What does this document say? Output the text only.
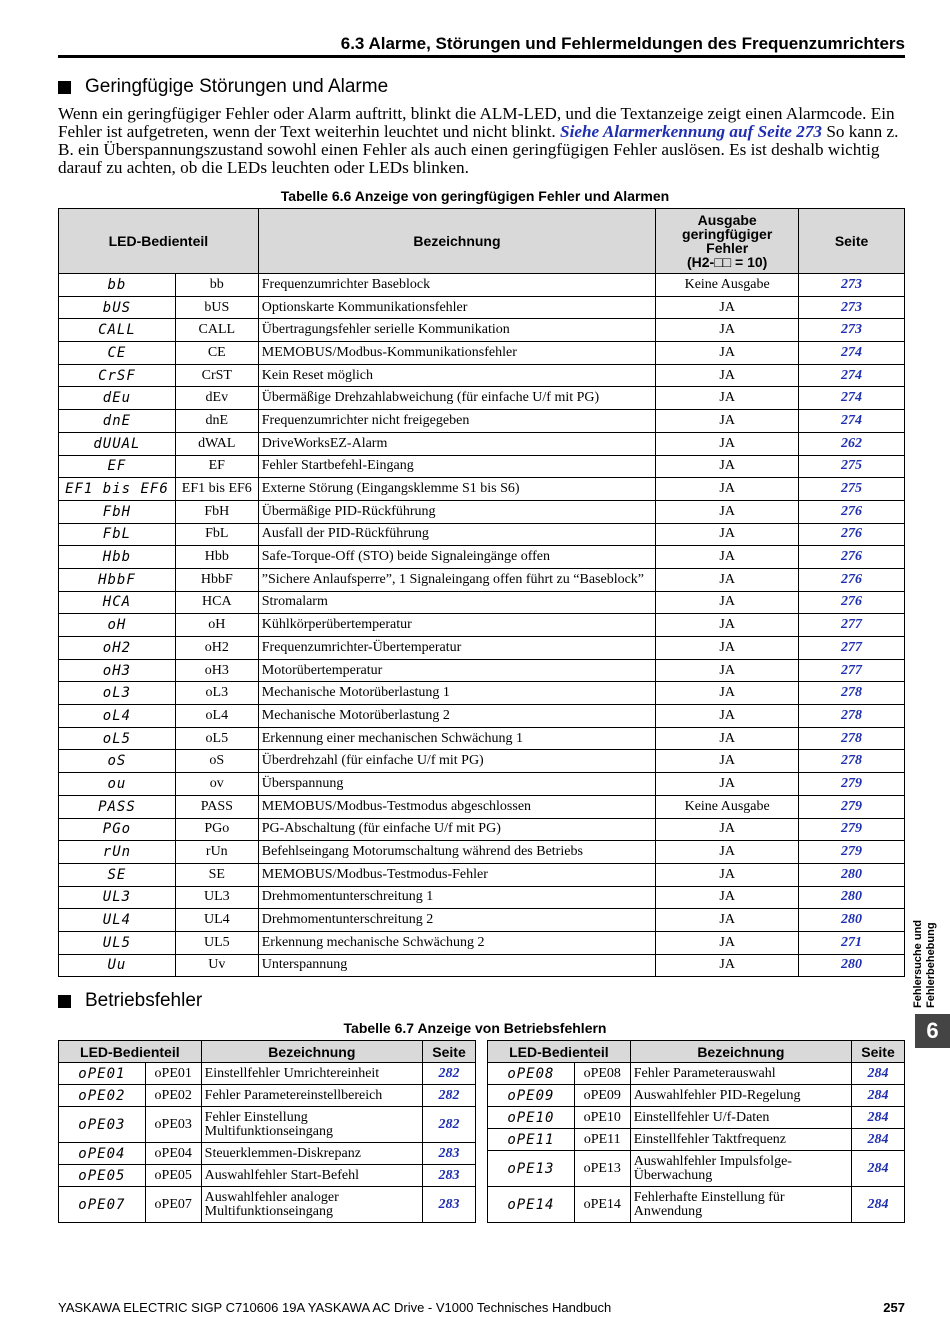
6.3 Alarme, Störungen und Fehlermeldungen des Frequenzumrichters
Geringfügige Störungen und Alarme
Wenn ein geringfügiger Fehler oder Alarm auftritt, blinkt die ALM-LED, und die Textanzeige zeigt einen Alarmcode. Ein Fehler ist aufgetreten, wenn der Text weiterhin leuchtet und nicht blinkt. Siehe Alarmerkennung auf Seite 273 So kann z. B. ein Überspannungszustand sowohl einen Fehler als auch einen geringfügigen Fehler auslösen. Es ist deshalb wichtig darauf zu achten, ob die LEDs leuchten oder LEDs blinken.
Tabelle 6.6 Anzeige von geringfügigen Fehler und Alarmen
LED-Bedienteil		Bezeichnung	Ausgabe
geringfügiger
Fehler
(H2-□□ = 10)	Seite
bb	bb	Frequenzumrichter Baseblock	Keine Ausgabe	273
bUS	bUS	Optionskarte Kommunikationsfehler	JA	273
CALL	CALL	Übertragungsfehler serielle Kommunikation	JA	273
CE	CE	MEMOBUS/Modbus-Kommunikationsfehler	JA	274
CrSF	CrST	Kein Reset möglich	JA	274
dEu	dEv	Übermäßige Drehzahlabweichung (für einfache U/f mit PG)	JA	274
dnE	dnE	Frequenzumrichter nicht freigegeben	JA	274
dUUAL	dWAL	DriveWorksEZ-Alarm	JA	262
EF	EF	Fehler Startbefehl-Eingang	JA	275
EF1 bis EF6	EF1 bis EF6	Externe Störung (Eingangsklemme S1 bis S6)	JA	275
FbH	FbH	Übermäßige PID-Rückführung	JA	276
FbL	FbL	Ausfall der PID-Rückführung	JA	276
Hbb	Hbb	Safe-Torque-Off (STO) beide Signaleingänge offen	JA	276
HbbF	HbbF	”Sichere Anlaufsperre”, 1 Signaleingang offen führt zu “Baseblock”	JA	276
HCA	HCA	Stromalarm	JA	276
oH	oH	Kühlkörperübertemperatur	JA	277
oH2	oH2	Frequenzumrichter-Übertemperatur	JA	277
oH3	oH3	Motorübertemperatur	JA	277
oL3	oL3	Mechanische Motorüberlastung 1	JA	278
oL4	oL4	Mechanische Motorüberlastung 2	JA	278
oL5	oL5	Erkennung einer mechanischen Schwächung 1	JA	278
oS	oS	Überdrehzahl (für einfache U/f mit PG)	JA	278
ou	ov	Überspannung	JA	279
PASS	PASS	MEMOBUS/Modbus-Testmodus abgeschlossen	Keine Ausgabe	279
PGo	PGo	PG-Abschaltung (für einfache U/f mit PG)	JA	279
rUn	rUn	Befehlseingang Motorumschaltung während des Betriebs	JA	279
SE	SE	MEMOBUS/Modbus-Testmodus-Fehler	JA	280
UL3	UL3	Drehmomentunterschreitung 1	JA	280
UL4	UL4	Drehmomentunterschreitung 2	JA	280
UL5	UL5	Erkennung mechanische Schwächung 2	JA	271
Uu	Uv	Unterspannung	JA	280
Betriebsfehler
Tabelle 6.7 Anzeige von Betriebsfehlern
LED-Bedienteil		Bezeichnung	Seite
oPE01	oPE01	Einstellfehler Umrichtereinheit	282
oPE02	oPE02	Fehler Parametereinstellbereich	282
oPE03	oPE03	Fehler Einstellung Multifunktionseingang	282
oPE04	oPE04	Steuerklemmen-Diskrepanz	283
oPE05	oPE05	Auswahlfehler Start-Befehl	283
oPE07	oPE07	Auswahlfehler analoger Multifunktionseingang	283
LED-Bedienteil		Bezeichnung	Seite
oPE08	oPE08	Fehler Parameterauswahl	284
oPE09	oPE09	Auswahlfehler PID-Regelung	284
oPE10	oPE10	Einstellfehler U/f-Daten	284
oPE11	oPE11	Einstellfehler Taktfrequenz	284
oPE13	oPE13	Auswahlfehler Impulsfolge-Überwachung	284
oPE14	oPE14	Fehlerhafte Einstellung für Anwendung	284
Fehlersuche und
Fehlerbehebung
6
YASKAWA ELECTRIC SIGP C710606 19A YASKAWA AC Drive - V1000 Technisches Handbuch	257
